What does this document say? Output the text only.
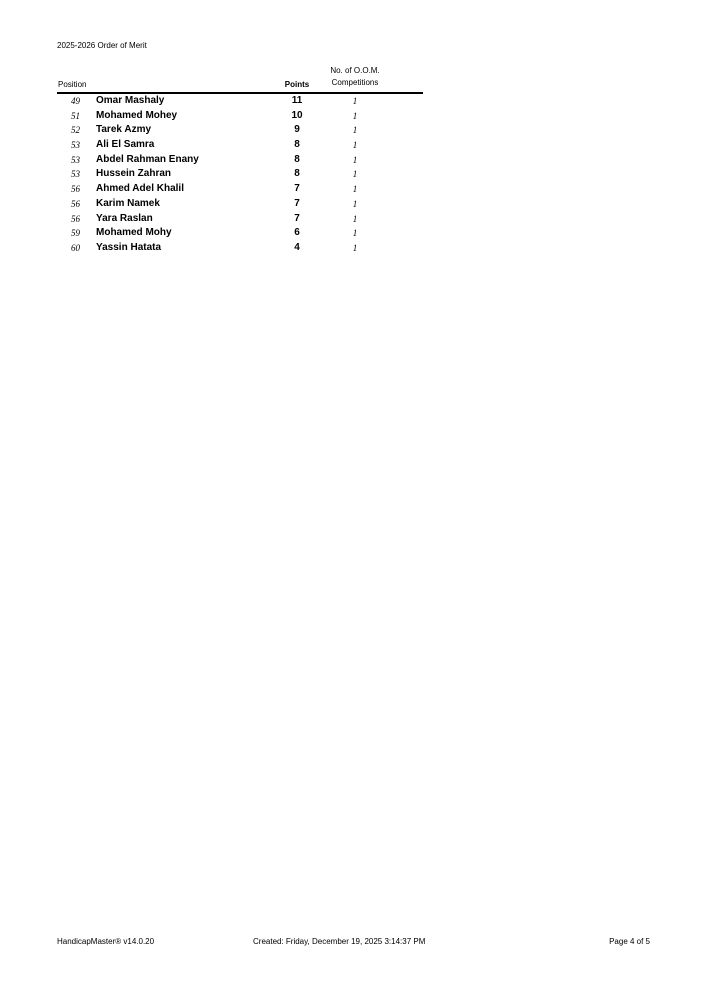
2025-2026 Order of Merit
Position	Points
No. of O.O.M.
Competitions
49 Omar Mashaly	11	1
51 Mohamed Mohey	10	1
52 Tarek Azmy	9	1
53 Ali El Samra	8	1
53 Abdel Rahman Enany	8	1
53 Hussein Zahran	8	1
56 Ahmed Adel Khalil	7	1
56 Karim Namek	7	1
56 Yara Raslan	7	1
59 Mohamed Mohy	6	1
60 Yassin Hatata	4	1
HandicapMaster® v14.0.20	Created: Friday, December 19, 2025 3:14:37 PM	Page 4 of 5
